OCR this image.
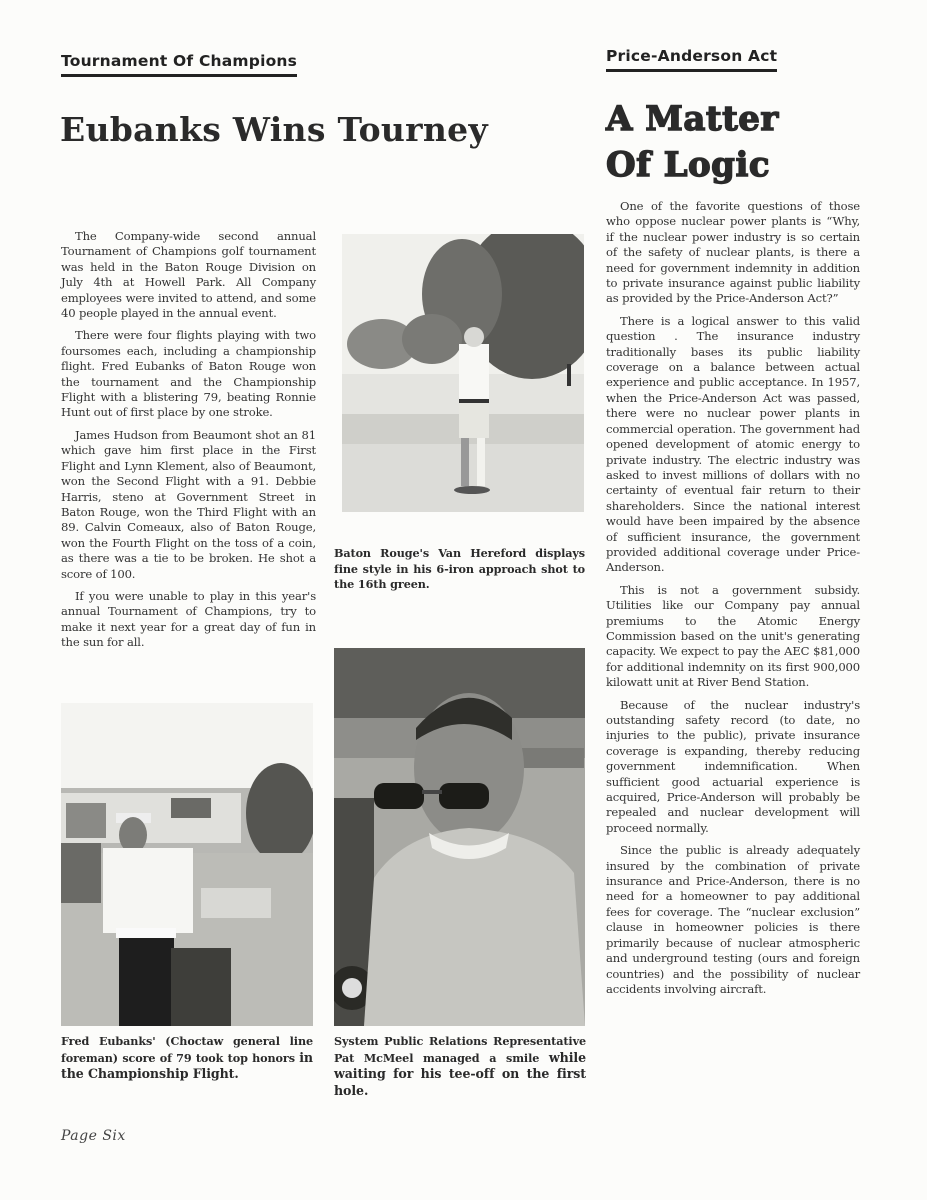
Tournament Of Champions
Eubanks Wins Tourney

The Company-wide second annual Tournament of Champions golf tournament was held in the Baton Rouge Division on July 4th at Howell Park. All Company employees were invited to attend, and some 40 people played in the annual event.

There were four flights playing with two foursomes each, including a championship flight. Fred Eubanks of Baton Rouge won the tournament and the Championship Flight with a blistering 79, beating Ronnie Hunt out of first place by one stroke.

James Hudson from Beaumont shot an 81 which gave him first place in the First Flight and Lynn Klement, also of Beaumont, won the Second Flight with a 91. Debbie Harris, steno at Government Street in Baton Rouge, won the Third Flight with an 89. Calvin Comeaux, also of Baton Rouge, won the Fourth Flight on the toss of a coin, as there was a tie to be broken. He shot a score of 100.

If you were unable to play in this year's annual Tournament of Champions, try to make it next year for a great day of fun in the sun for all.

Baton Rouge's Van Hereford displays fine style in his 6-iron approach shot to the 16th green.
Fred Eubanks' (Choctaw general line foreman) score of 79 took top honors in the Championship Flight.
System Public Relations Representative Pat McMeel managed a smile while waiting for his tee-off on the first hole.
Price-Anderson Act
A Matter
Of Logic

One of the favorite questions of those who oppose nuclear power plants is “Why, if the nuclear power industry is so certain of the safety of nuclear plants, is there a need for government indemnity in addition to private insurance against public liability as provided by the Price-Anderson Act?”

There is a logical answer to this valid question . The insurance industry traditionally bases its public liability coverage on a balance between actual experience and public acceptance. In 1957, when the Price-Anderson Act was passed, there were no nuclear power plants in commercial operation. The government had opened development of atomic energy to private industry. The electric industry was asked to invest millions of dollars with no certainty of eventual fair return to their shareholders. Since the national interest would have been impaired by the absence of sufficient insurance, the government provided additional coverage under Price-Anderson.

This is not a government subsidy. Utilities like our Company pay annual premiums to the Atomic Energy Commission based on the unit's generating capacity. We expect to pay the AEC $81,000 for additional indemnity on its first 900,000 kilowatt unit at River Bend Station.

Because of the nuclear industry's outstanding safety record (to date, no injuries to the public), private insurance coverage is expanding, thereby reducing government indemnification. When sufficient good actuarial experience is acquired, Price-Anderson will probably be repealed and nuclear development will proceed normally.

Since the public is already adequately insured by the combination of private insurance and Price-Anderson, there is no need for a homeowner to pay additional fees for coverage. The “nuclear exclusion” clause in homeowner policies is there primarily because of nuclear atmospheric and underground testing (ours and foreign countries) and the possibility of nuclear accidents involving aircraft.

Page Six
